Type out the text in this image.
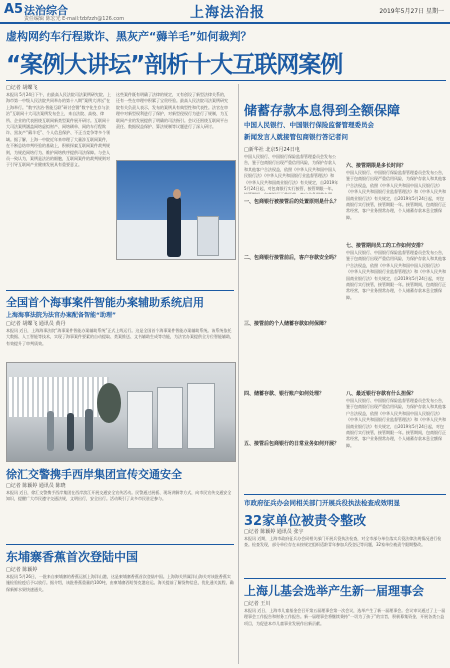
A5 法治综合
责任编辑 陈宏光 E-mail:fzbfzzh@126.com	上海法治报	2019年5月27日 星期一
虚构网约车行程欺诈、黑灰产“薅羊毛”如何裁判？
“案例大讲坛”剖析十大互联网案例
□记者 胡蝶飞
本报讯 5月24日下午，由最高人民法院司法案例研究院、上海市第一中级人民法院共同举办的第十八期“案例大讲坛”在上海举行。“数字法治·智能互联”研讨会暨“数字化生存与法治”互联网十大司法案例发布会上，来自法院、高校、律所、企业的代表围绕互联网新类型案件展开研讨。互联网十大司法案例涵盖网络虚拟财产、网络刷单、网约车行程欺诈、黑灰产“薅羊毛”、个人信息保护、不正当竞争等多个领域。据了解，上海一中院近年来审理了大量涉互联网案件，在不断总结审判经验的基础上，积极探索互联网案件裁判规则，为规范网络行为、维护网络秩序提供司法保障。与会人员一致认为，案例是法治的细胞，互联网案件的裁判规则对于引导互联网产业健康发展具有重要意义。
这些案件既有明确了法律的规定，又有创设了新型法律关系的，还有一些在审理中积累了宝贵经验。最高人民法院司法案例研究院有关负责人表示，发布的案例具有典型性和代表性。法官在审理中对新型权利进行了保护，对新型侵权行为进行了规制，为互联网产业的发展提供了明确的司法指引。会议还围绕互联网平台责任、数据权益保护、算法规制等议题进行了深入研讨。
全国首个海事案件智能办案辅助系统启用
上海海事法院为法官办案配备智能“助理”
□记者 胡蝶飞 通讯员 黄丹
本报讯 近日，上海海事法院“海事案件智能办案辅助系统”正式上线运行。这是全国首个海事案件智能办案辅助系统。该系统依托大数据、人工智能等技术，实现了海事案件要素的自动提取、类案推送、文书辅助生成等功能，为法官办案提供全方位智能辅助，有效提升了审判质效。
徐汇交警携手西岸集团宣传交通安全
□记者 陈颖婷 通讯员 陈晓
本报讯 近日，徐汇交警携手西岸集团在西岸滨江开展交通安全宣传活动。民警通过展板、现场讲解等方式，向市民宣传交通安全知识，提醒广大市民遵守交通法规，文明出行，安全出行。活动吸引了众多市民驻足参与。
东埔寨香蕉首次登陆中国
□记者 陈颖婷
本报讯 5月26日，一批来自柬埔寨的香蕉运抵上海洋山港，这是柬埔寨香蕉首次登陆中国。上海海关所属洋山海关对该批香蕉实施检验检疫后予以放行。据介绍，该批香蕉重量约100吨，由柬埔寨西哈努克港启运。海关提前了解货物信息，优化通关流程，确保新鲜水果快速通关。
储蓄存款本息得到全额保障
中国人民银行、中国银行保险监督管理委员会
新闻发言人就接管包商银行答记者问
□新华社 北京5月24日电
中国人民银行、中国银行保险监督管理委员会发布公告，鉴于包商银行出现严重信用风险，为保护存款人和其他客户合法权益，依照《中华人民共和国中国人民银行法》《中华人民共和国银行业监督管理法》和《中华人民共和国商业银行法》有关规定，自2019年5月24日起，对包商银行实行接管，接管期限一年。
一、包商银行被接管后的处置原则是什么？
二、包商银行接管前后，客户存款安全吗？
三、接管前的个人储蓄存款如何保障？
四、储蓄存款、银行账户如何处理？
五、接管后包商银行的日常业务如何开展？
六、接管期限是多长时间？
七、接管期间员工的工作如何安排？
八、最近银行存款有什么担保？
中国人民银行、中国银行保险监督管理委员会发布公告，鉴于包商银行出现严重信用风险，为保护存款人和其他客户合法权益，依照《中华人民共和国中国人民银行法》《中华人民共和国银行业监督管理法》和《中华人民共和国商业银行法》有关规定，自2019年5月24日起，对包商银行实行接管，接管期限一年。接管期间，包商银行正常经营，客户业务照常办理，个人储蓄存款本息全额保障。
中国人民银行、中国银行保险监督管理委员会发布公告，鉴于包商银行出现严重信用风险，为保护存款人和其他客户合法权益，依照《中华人民共和国中国人民银行法》《中华人民共和国银行业监督管理法》和《中华人民共和国商业银行法》有关规定，自2019年5月24日起，对包商银行实行接管，接管期限一年。接管期间，包商银行正常经营，客户业务照常办理，个人储蓄存款本息全额保障。
中国人民银行、中国银行保险监督管理委员会发布公告，鉴于包商银行出现严重信用风险，为保护存款人和其他客户合法权益，依照《中华人民共和国中国人民银行法》《中华人民共和国银行业监督管理法》和《中华人民共和国商业银行法》有关规定，自2019年5月24日起，对包商银行实行接管，接管期限一年。接管期间，包商银行正常经营，客户业务照常办理，个人储蓄存款本息全额保障。
市政府征兵办会同相关部门开展兵役执法检查成效明显
32家单位被责令整改
□记者 陈颖婷 通讯员 张宇
本报讯 近期，上海市政府征兵办会同相关部门开展兵役执法检查，对全市部分单位落实兵役法律法规情况进行检查。检查发现，部分单位存在未按规定组织适龄青年参加兵役登记等问题，32家单位被责令限期整改。
上海儿基会选举产生新一届理事会
□记者 王川
本报讯 近日，上海市儿童基金会召开第五届理事会第一次会议，选举产生了新一届理事会。会议审议通过了上一届理事会工作报告和财务工作报告。新一届理事会将继续秉持“一切为了孩子”的宗旨，积极募集资金，开展各类公益项目，为促进本市儿童事业发展作出新贡献。
